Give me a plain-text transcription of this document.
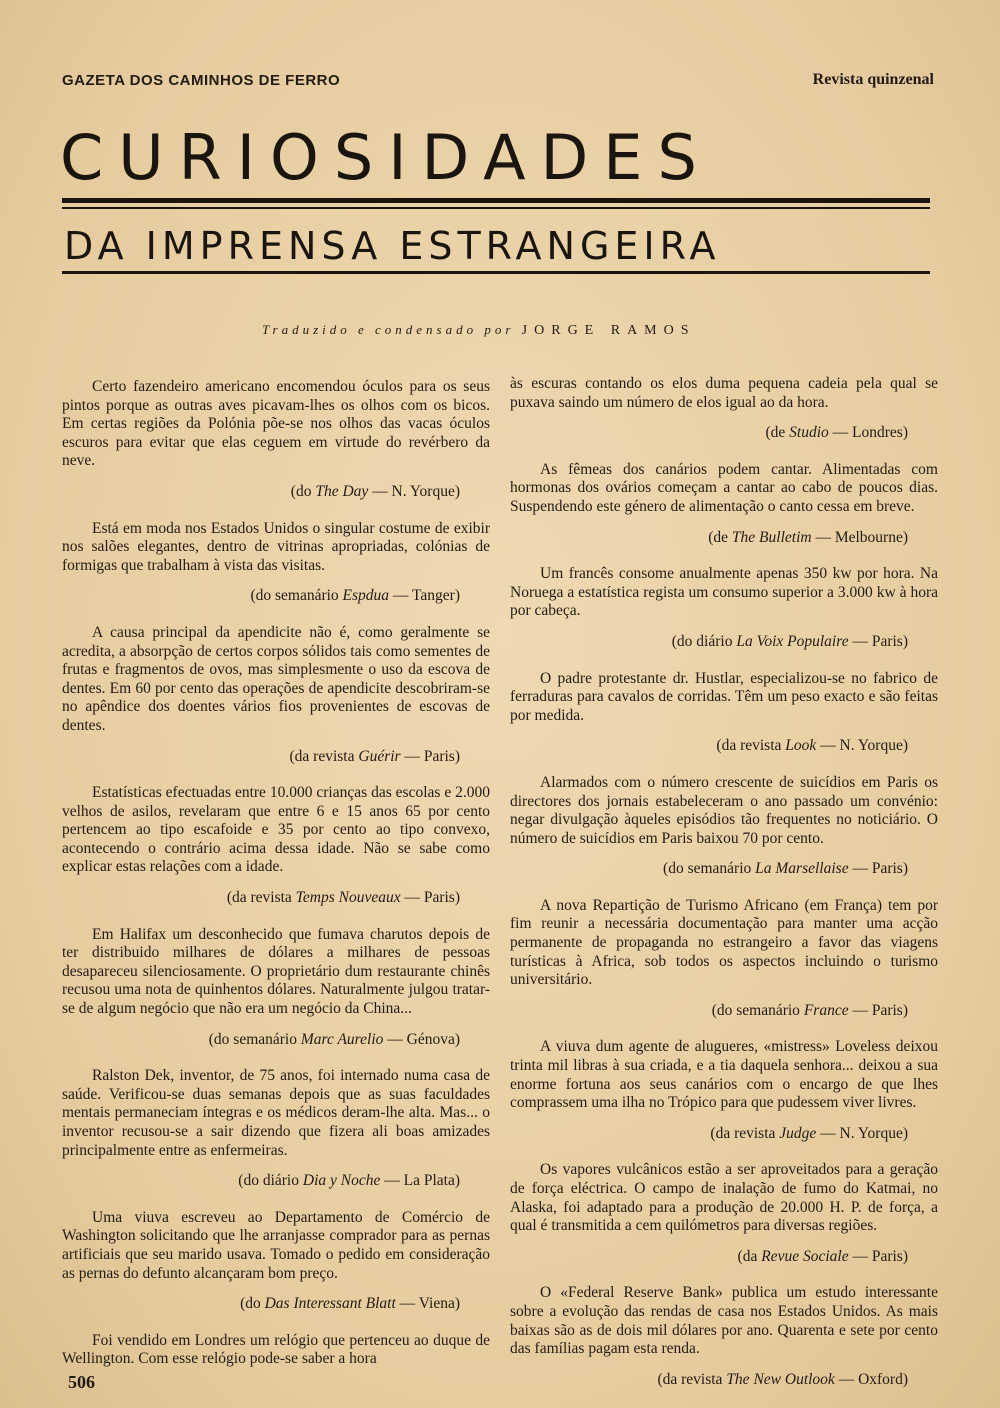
GAZETA DOS CAMINHOS DE FERRO	Revista quinzenal
CURIOSIDADES
DA IMPRENSA ESTRANGEIRA
Traduzido e condensado por JORGE RAMOS

Certo fazendeiro americano encomendou óculos para os seus pintos porque as outras aves picavam-lhes os olhos com os bicos. Em certas regiões da Polónia põe-se nos olhos das vacas óculos escuros para evitar que elas ceguem em virtude do revérbero da neve.

(do The Day — N. Yorque)

Está em moda nos Estados Unidos o singular costume de exibir nos salões elegantes, dentro de vitrinas apropriadas, colónias de formigas que trabalham à vista das visitas.

(do semanário Espdua — Tanger)

A causa principal da apendicite não é, como geralmente se acredita, a absorpção de certos corpos sólidos tais como sementes de frutas e fragmentos de ovos, mas simplesmente o uso da escova de dentes. Em 60 por cento das operações de apendicite descobriram-se no apêndice dos doentes vários fios provenientes de escovas de dentes.

(da revista Guérir — Paris)

Estatísticas efectuadas entre 10.000 crianças das escolas e 2.000 velhos de asilos, revelaram que entre 6 e 15 anos 65 por cento pertencem ao tipo escafoide e 35 por cento ao tipo convexo, acontecendo o contrário acima dessa idade. Não se sabe como explicar estas relações com a idade.

(da revista Temps Nouveaux — Paris)

Em Halifax um desconhecido que fumava charutos depois de ter distribuido milhares de dólares a milhares de pessoas desapareceu silenciosamente. O proprietário dum restaurante chinês recusou uma nota de quinhentos dólares. Naturalmente julgou tratar-se de algum negócio que não era um negócio da China...

(do semanário Marc Aurelio — Génova)

Ralston Dek, inventor, de 75 anos, foi internado numa casa de saúde. Verificou-se duas semanas depois que as suas faculdades mentais permaneciam íntegras e os médicos deram-lhe alta. Mas... o inventor recusou-se a sair dizendo que fizera ali boas amizades principalmente entre as enfermeiras.

(do diário Dia y Noche — La Plata)

Uma viuva escreveu ao Departamento de Comércio de Washington solicitando que lhe arranjasse comprador para as pernas artificiais que seu marido usava. Tomado o pedido em consideração as pernas do defunto alcançaram bom preço.

(do Das Interessant Blatt — Viena)

Foi vendido em Londres um relógio que pertenceu ao duque de Wellington. Com esse relógio pode-se saber a hora

às escuras contando os elos duma pequena cadeia pela qual se puxava saindo um número de elos igual ao da hora.

(de Studio — Londres)

As fêmeas dos canários podem cantar. Alimentadas com hormonas dos ovários começam a cantar ao cabo de poucos dias. Suspendendo este género de alimentação o canto cessa em breve.

(de The Bulletim — Melbourne)

Um francês consome anualmente apenas 350 kw por hora. Na Noruega a estatística regista um consumo superior a 3.000 kw à hora por cabeça.

(do diário La Voix Populaire — Paris)

O padre protestante dr. Hustlar, especializou-se no fabrico de ferraduras para cavalos de corridas. Têm um peso exacto e são feitas por medida.

(da revista Look — N. Yorque)

Alarmados com o número crescente de suicídios em Paris os directores dos jornais estabeleceram o ano passado um convénio: negar divulgação àqueles episódios tão frequentes no noticiário. O número de suicídios em Paris baixou 70 por cento.

(do semanário La Marsellaise — Paris)

A nova Repartição de Turismo Africano (em França) tem por fim reunir a necessária documentação para manter uma acção permanente de propaganda no estrangeiro a favor das viagens turísticas à Africa, sob todos os aspectos incluindo o turismo universitário.

(do semanário France — Paris)

A viuva dum agente de alugueres, «mistress» Loveless deixou trinta mil libras à sua criada, e a tia daquela senhora... deixou a sua enorme fortuna aos seus canários com o encargo de que lhes comprassem uma ilha no Trópico para que pudessem viver livres.

(da revista Judge — N. Yorque)

Os vapores vulcânicos estão a ser aproveitados para a geração de força eléctrica. O campo de inalação de fumo do Katmai, no Alaska, foi adaptado para a produção de 20.000 H. P. de força, a qual é transmitida a cem quilómetros para diversas regiões.

(da Revue Sociale — Paris)

O «Federal Reserve Bank» publica um estudo interessante sobre a evolução das rendas de casa nos Estados Unidos. As mais baixas são as de dois mil dólares por ano. Quarenta e sete por cento das famílias pagam esta renda.

(da revista The New Outlook — Oxford)

506
